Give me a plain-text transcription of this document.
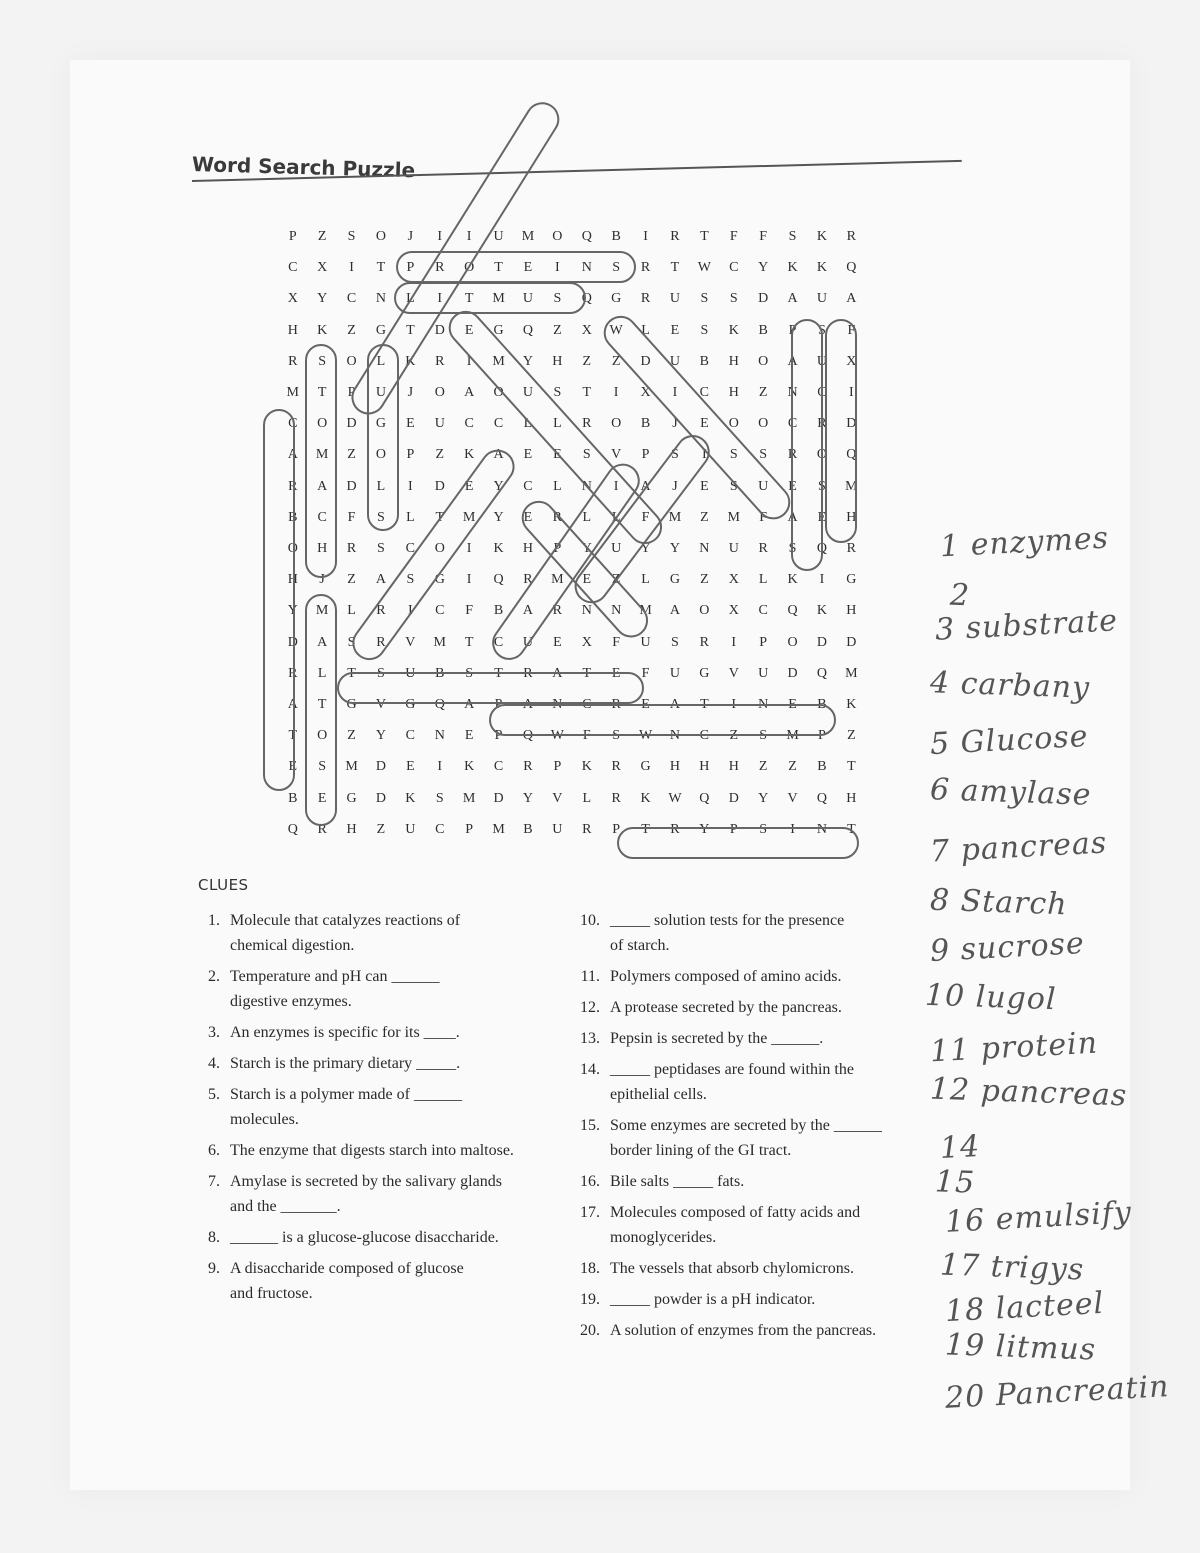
Word Search Puzzle
P	Z	S	O	J	I	I	U	M	O	Q	B	I	R	T	F	F	S	K	R
C	X	I	T	P	R	O	T	E	I	N	S	R	T	W	C	Y	K	K	Q
X	Y	C	N	L	I	T	M	U	S	Q	G	R	U	S	S	D	A	U	A
H	K	Z	G	T	D	E	G	Q	Z	X	W	L	E	S	K	B	P	S	F
R	S	O	L	K	R	I	M	Y	H	Z	Z	D	U	B	H	O	A	U	X
M	T	P	U	J	O	A	O	U	S	T	I	X	I	C	H	Z	N	C	I
C	O	D	G	E	U	C	C	L	L	R	O	B	J	E	O	O	C	R	D
A	M	Z	O	P	Z	K	A	E	E	S	V	P	S	I	S	S	R	O	Q
R	A	D	L	I	D	E	Y	C	L	N	I	A	J	E	S	U	E	S	M
B	C	F	S	L	T	M	Y	E	R	L	L	F	M	Z	M	F	A	E	H
O	H	R	S	C	O	I	K	H	P	Y	U	Y	Y	N	U	R	S	Q	R
H	J	Z	A	S	G	I	Q	R	M	E	Z	L	G	Z	X	L	K	I	G
Y	M	L	R	I	C	F	B	A	R	N	N	M	A	O	X	C	Q	K	H
D	A	S	R	V	M	T	C	U	E	X	F	U	S	R	I	P	O	D	D
R	L	T	S	U	B	S	T	R	A	T	E	F	U	G	V	U	D	Q	M
A	T	G	V	G	Q	A	P	A	N	C	R	E	A	T	I	N	E	B	K
T	O	Z	Y	C	N	E	P	Q	W	F	S	W	N	C	Z	S	M	P	Z
E	S	M	D	E	I	K	C	R	P	K	R	G	H	H	H	Z	Z	B	T
B	E	G	D	K	S	M	D	Y	V	L	R	K	W	Q	D	Y	V	Q	H
Q	R	H	Z	U	C	P	M	B	U	R	P	T	R	Y	P	S	I	N	T
CLUES
1. Molecule that catalyzes reactions of
chemical digestion.
2. Temperature and pH can ______
digestive enzymes.
3. An enzymes is specific for its ____.
4. Starch is the primary dietary _____.
5. Starch is a polymer made of ______
molecules.
6. The enzyme that digests starch into maltose.
7. Amylase is secreted by the salivary glands
and the _______.
8. ______ is a glucose-glucose disaccharide.
9. A disaccharide composed of glucose
and fructose.
10. _____ solution tests for the presence
of starch.
11. Polymers composed of amino acids.
12. A protease secreted by the pancreas.
13. Pepsin is secreted by the ______.
14. _____ peptidases are found within the
epithelial cells.
15. Some enzymes are secreted by the ______
border lining of the GI tract.
16. Bile salts _____ fats.
17. Molecules composed of fatty acids and
monoglycerides.
18. The vessels that absorb chylomicrons.
19. _____ powder is a pH indicator.
20. A solution of enzymes from the pancreas.
1 enzymes
2
3 substrate
4 carbany
5 Glucose
6 amylase
7 pancreas
8 Starch
9 sucrose
10 lugol
11 protein
12 pancreas
14
15
16 emulsify
17 trigys
18 lacteel
19 litmus
20 Pancreatin
